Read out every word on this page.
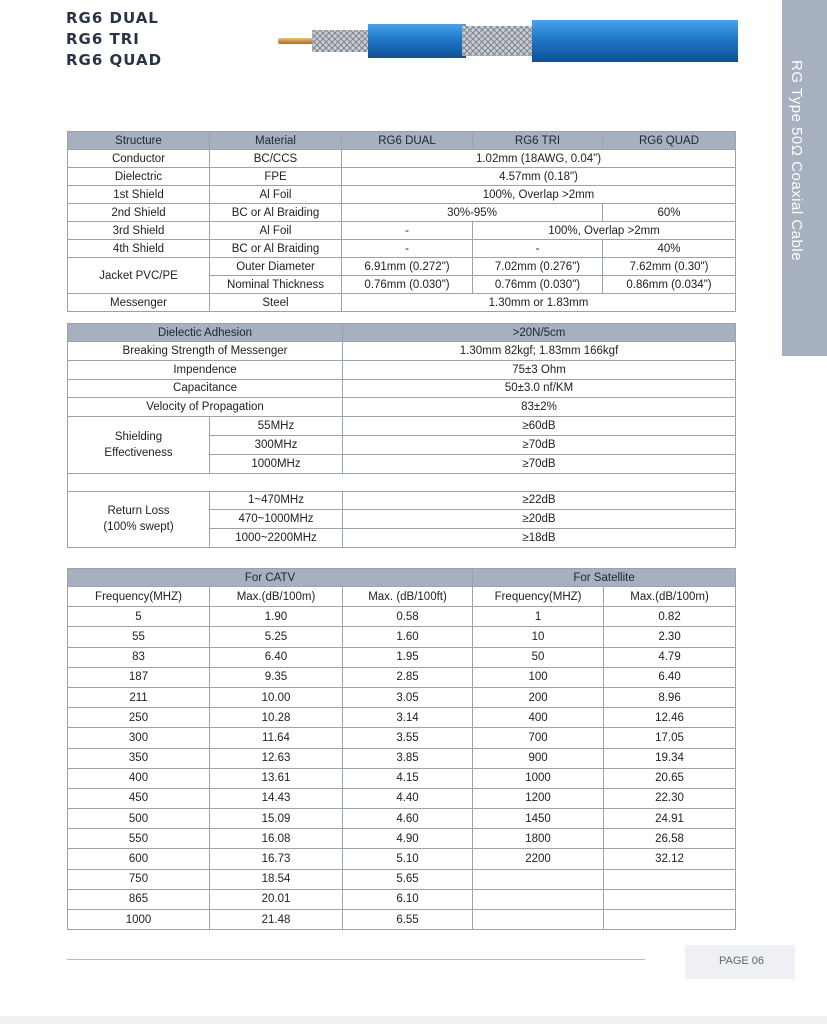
RG6 DUAL
RG6 TRI
RG6 QUAD	RG Type 50Ω Coaxial Cable
Structure	Material	RG6 DUAL	RG6 TRI	RG6 QUAD
Conductor	BC/CCS	1.02mm (18AWG, 0.04")		
Dielectric	FPE	4.57mm (0.18")		
1st Shield	Al Foil	100%, Overlap >2mm		
2nd Shield	BC or Al Braiding	30%-95%		60%
3rd Shield	Al Foil	-	100%, Overlap >2mm	
4th Shield	BC or Al Braiding	-	-	40%
Jacket PVC/PE	Outer Diameter	6.91mm (0.272")	7.02mm (0.276")	7.62mm (0.30")
	Nominal Thickness	0.76mm (0.030")	0.76mm (0.030")	0.86mm (0.034")
Messenger	Steel	1.30mm or 1.83mm		
Dielectic Adhesion		>20N/5cm
Breaking Strength of Messenger		1.30mm 82kgf; 1.83mm 166kgf
Impendence		75±3 Ohm
Capacitance		50±3.0 nf/KM
Velocity of Propagation		83±2%
Shielding
Effectiveness	55MHz	≥60dB
	300MHz	≥70dB
	1000MHz	≥70dB

Return Loss
(100% swept)	1~470MHz	≥22dB
	470~1000MHz	≥20dB
	1000~2200MHz	≥18dB
For CATV			For Satellite	
Frequency(MHZ)	Max.(dB/100m)	Max. (dB/100ft)	Frequency(MHZ)	Max.(dB/100m)
5	1.90	0.58	1	0.82
55	5.25	1.60	10	2.30
83	6.40	1.95	50	4.79
187	9.35	2.85	100	6.40
211	10.00	3.05	200	8.96
250	10.28	3.14	400	12.46
300	11.64	3.55	700	17.05
350	12.63	3.85	900	19.34
400	13.61	4.15	1000	20.65
450	14.43	4.40	1200	22.30
500	15.09	4.60	1450	24.91
550	16.08	4.90	1800	26.58
600	16.73	5.10	2200	32.12
750	18.54	5.65		
865	20.01	6.10		
1000	21.48	6.55		
PAGE 06
